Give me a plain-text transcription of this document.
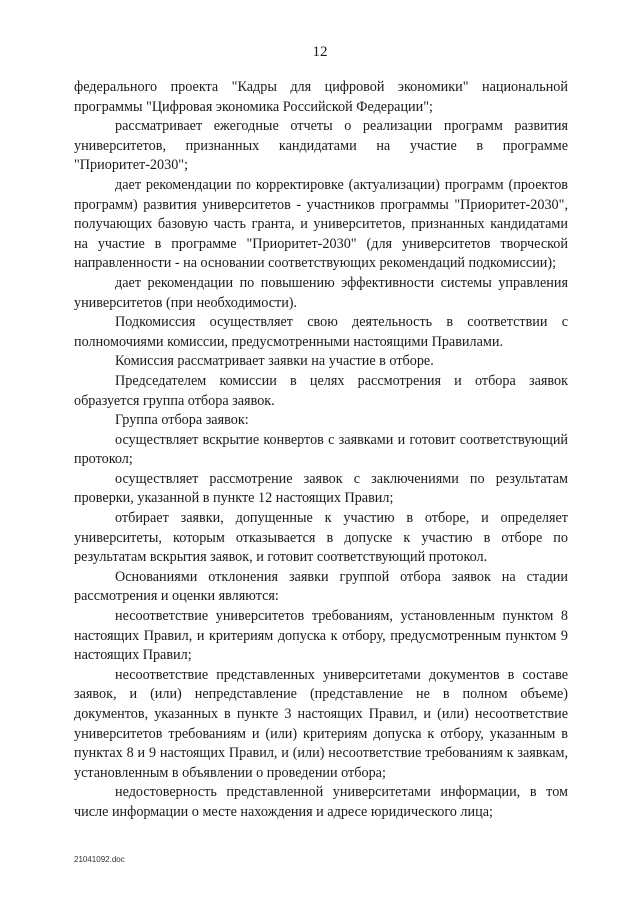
12

федерального проекта "Кадры для цифровой экономики" национальной программы "Цифровая экономика Российской Федерации";

рассматривает ежегодные отчеты о реализации программ развития университетов, признанных кандидатами на участие в программе "Приоритет-2030";

дает рекомендации по корректировке (актуализации) программ (проектов программ) развития университетов - участников программы "Приоритет-2030", получающих базовую часть гранта, и университетов, признанных кандидатами на участие в программе "Приоритет-2030" (для университетов творческой направленности - на основании соответствующих рекомендаций подкомиссии);

дает рекомендации по повышению эффективности системы управления университетов (при необходимости).

Подкомиссия осуществляет свою деятельность в соответствии с полномочиями комиссии, предусмотренными настоящими Правилами.

Комиссия рассматривает заявки на участие в отборе.

Председателем комиссии в целях рассмотрения и отбора заявок образуется группа отбора заявок.

Группа отбора заявок:

осуществляет вскрытие конвертов с заявками и готовит соответствующий протокол;

осуществляет рассмотрение заявок с заключениями по результатам проверки, указанной в пункте 12 настоящих Правил;

отбирает заявки, допущенные к участию в отборе, и определяет университеты, которым отказывается в допуске к участию в отборе по результатам вскрытия заявок, и готовит соответствующий протокол.

Основаниями отклонения заявки группой отбора заявок на стадии рассмотрения и оценки являются:

несоответствие университетов требованиям, установленным пунктом 8 настоящих Правил, и критериям допуска к отбору, предусмотренным пунктом 9 настоящих Правил;

несоответствие представленных университетами документов в составе заявок, и (или) непредставление (представление не в полном объеме) документов, указанных в пункте 3 настоящих Правил, и (или) несоответствие университетов требованиям и (или) критериям допуска к отбору, указанным в пунктах 8 и 9 настоящих Правил, и (или) несоответствие требованиям к заявкам, установленным в объявлении о проведении отбора;

недостоверность представленной университетами информации, в том числе информации о месте нахождения и адресе юридического лица;

21041092.doc
